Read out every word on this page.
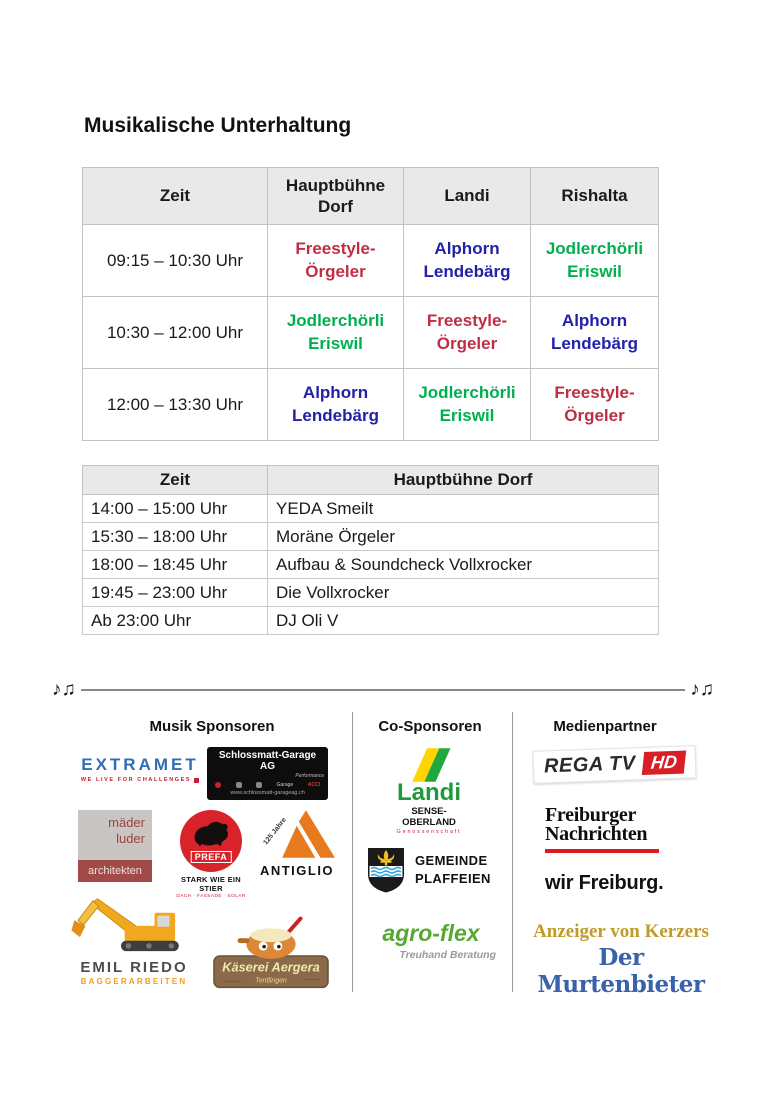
Musikalische Unterhaltung
Zeit	Hauptbühne Dorf	Landi	Rishalta
09:15 – 10:30 Uhr	Freestyle-Örgeler	Alphorn Lendebärg	Jodlerchörli Eriswil
10:30 – 12:00 Uhr	Jodlerchörli Eriswil	Freestyle-Örgeler	Alphorn Lendebärg
12:00 – 13:30 Uhr	Alphorn Lendebärg	Jodlerchörli Eriswil	Freestyle-Örgeler
Zeit	Hauptbühne Dorf
14:00 – 15:00 Uhr	YEDA Smeilt
15:30 – 18:00 Uhr	Moräne Örgeler
18:00 – 18:45 Uhr	Aufbau & Soundcheck Vollxrocker
19:45 – 23:00 Uhr	Die Vollxrocker
Ab 23:00 Uhr	DJ Oli V
♪♫	♪♫
Musik Sponsoren	Co-Sponsoren	Medienpartner
EXTRAMET
WE LIVE FOR CHALLENGES
Schlossmatt-Garage AG
Performance
Garage	ACCI
www.schlossmatt-garageag.ch
mäder
luder
architekten
PREFA
STARK WIE EIN STIER
DACH · FASSADE · SOLAR
125 Jahre
ANTIGLIO
EMIL RIEDO
BAGGERARBEITEN
Käserei Aergera
Tentlingen
Landi
SENSE-OBERLAND
Genossenschaft
GEMEINDE
PLAFFEIEN
agro-flex
Treuhand Beratung
REGA TV HD
Freiburger
Nachrichten
wir Freiburg.
Anzeiger von Kerzers
Der Murtenbieter
